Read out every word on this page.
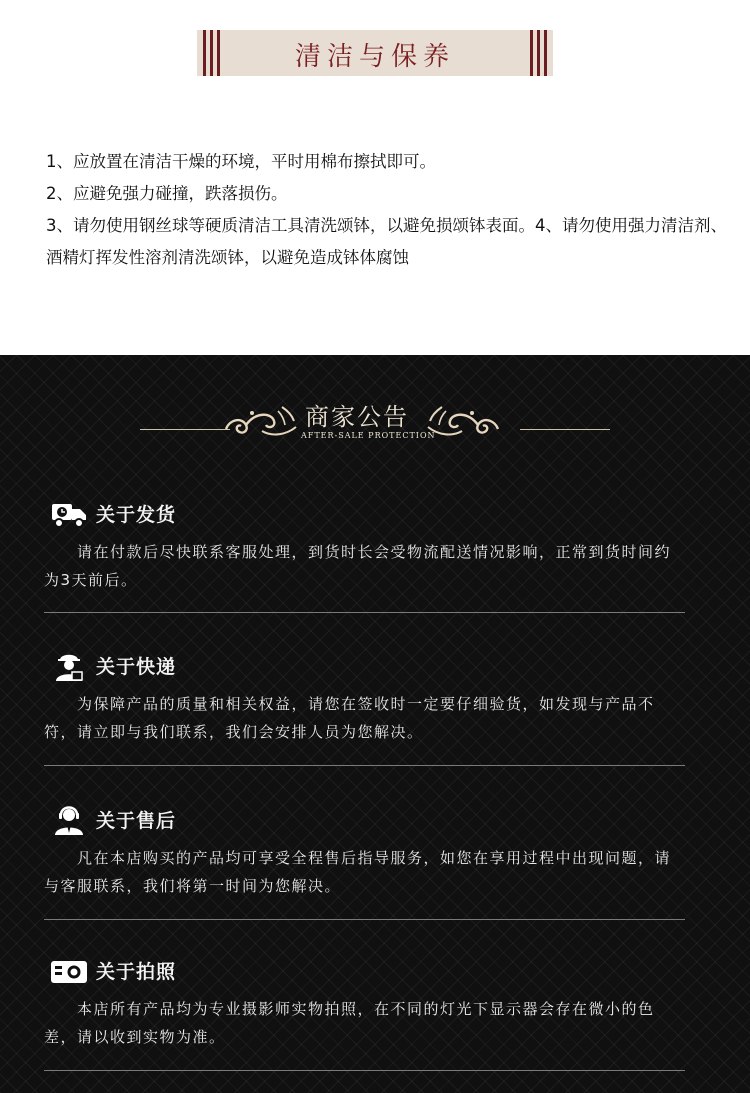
清洁与保养

1、应放置在清洁干燥的环境，平时用棉布擦拭即可。

2、应避免强力碰撞，跌落损伤。

3、请勿使用钢丝球等硬质清洁工具清洗颂钵，以避免损颂钵表面。4、请勿使用强力清洁剂、酒精灯挥发性溶剂清洗颂钵，以避免造成钵体腐蚀

商家公告
AFTER-SALE PROTECTION
关于发货
　　请在付款后尽快联系客服处理，到货时长会受物流配送情况影响，正常到货时间约为3天前后。
关于快递
　　为保障产品的质量和相关权益，请您在签收时一定要仔细验货，如发现与产品不符，请立即与我们联系，我们会安排人员为您解决。
关于售后
　　凡在本店购买的产品均可享受全程售后指导服务，如您在享用过程中出现问题，请与客服联系，我们将第一时间为您解决。
关于拍照
　　本店所有产品均为专业摄影师实物拍照，在不同的灯光下显示器会存在微小的色差，请以收到实物为准。
